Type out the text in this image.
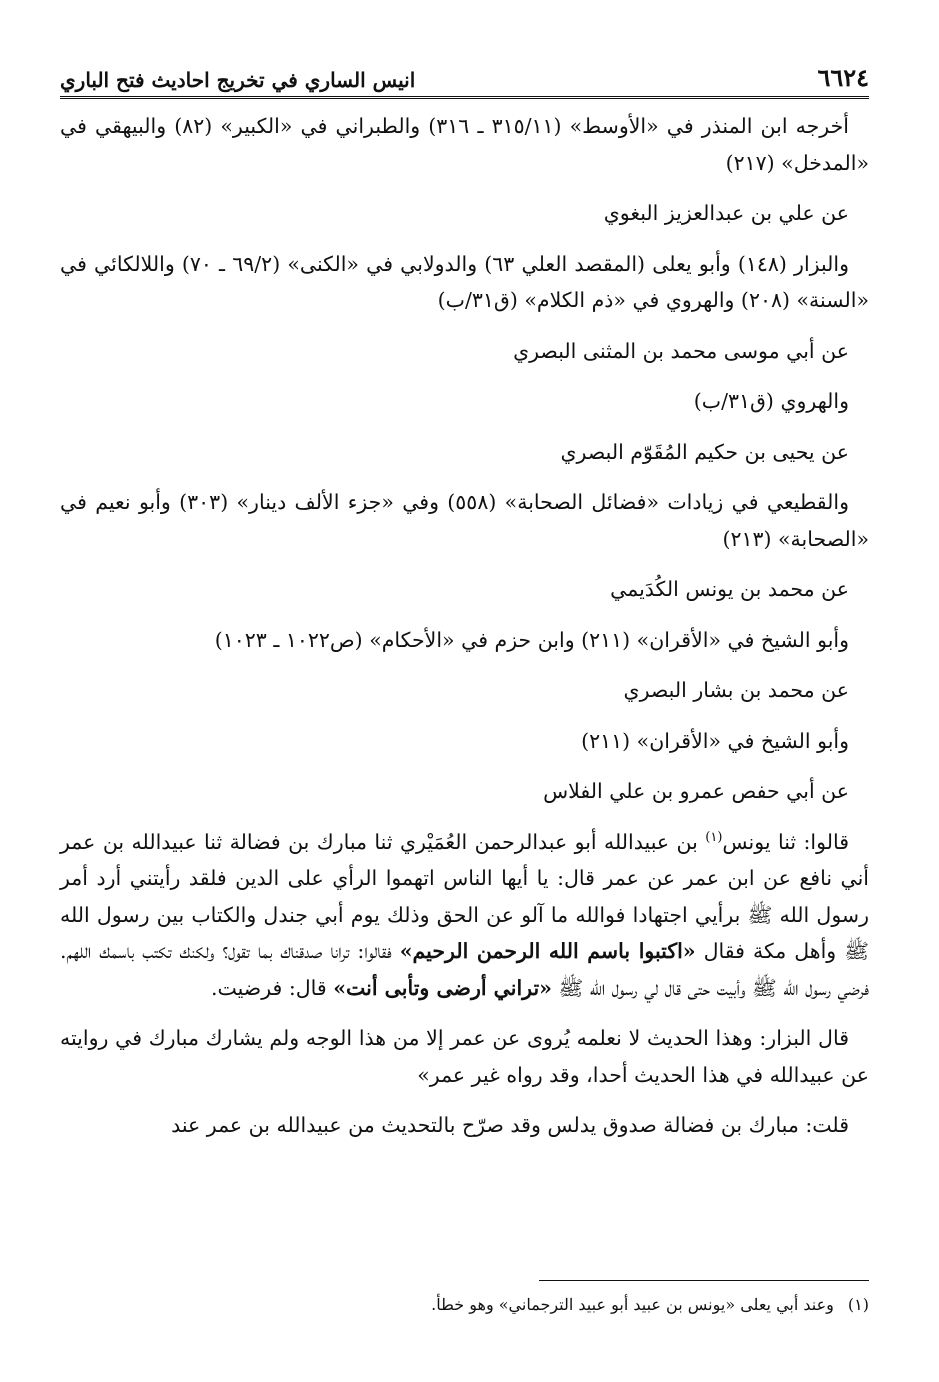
٦٦٢٤
انيس الساري في تخريج احاديث فتح الباري

أخرجه ابن المنذر في «الأوسط» (٣١٥/١١ ـ ٣١٦) والطبراني في «الكبير» (٨٢) والبيهقي في «المدخل» (٢١٧)

عن علي بن عبدالعزيز البغوي

والبزار (١٤٨) وأبو يعلى (المقصد العلي ٦٣) والدولابي في «الكنى» (٦٩/٢ ـ ٧٠) واللالكائي في «السنة» (٢٠٨) والهروي في «ذم الكلام» (ق٣١/ب)

عن أبي موسى محمد بن المثنى البصري

والهروي (ق٣١/ب)

عن يحيى بن حكيم المُقَوّم البصري

والقطيعي في زيادات «فضائل الصحابة» (٥٥٨) وفي «جزء الألف دينار» (٣٠٣) وأبو نعيم في «الصحابة» (٢١٣)

عن محمد بن يونس الكُدَيمي

وأبو الشيخ في «الأقران» (٢١١) وابن حزم في «الأحكام» (ص١٠٢٢ ـ ١٠٢٣)

عن محمد بن بشار البصري

وأبو الشيخ في «الأقران» (٢١١)

عن أبي حفص عمرو بن علي الفلاس

قالوا: ثنا يونس$^{(١)}$ بن عبيدالله أبو عبدالرحمن العُمَيْري ثنا مبارك بن فضالة ثنا عبيدالله بن عمر أني نافع عن ابن عمر عن عمر قال: يا أيها الناس اتهموا الرأي على الدين فلقد رأيتني أرد أمر رسول الله ﷺ برأيي اجتهادا فوالله ما آلو عن الحق وذلك يوم أبي جندل والكتاب بين رسول الله ﷺ وأهل مكة فقال «اكتبوا باسم الله الرحمن الرحيم» فقالوا: ترانا صدقناك بما تقول؟ ولكنك تكتب باسمك اللهم. فرضي رسول الله ﷺ وأبيت حتى قال لي رسول الله ﷺ «تراني أرضى وتأبى أنت» قال: فرضيت.

قال البزار: وهذا الحديث لا نعلمه يُروى عن عمر إلا من هذا الوجه ولم يشارك مبارك في روايته عن عبيدالله في هذا الحديث أحدا، وقد رواه غير عمر»

قلت: مبارك بن فضالة صدوق يدلس وقد صرّح بالتحديث من عبيدالله بن عمر عند

(١)وعند أبي يعلى «يونس بن عبيد أبو عبيد الترجماني» وهو خطأ.
